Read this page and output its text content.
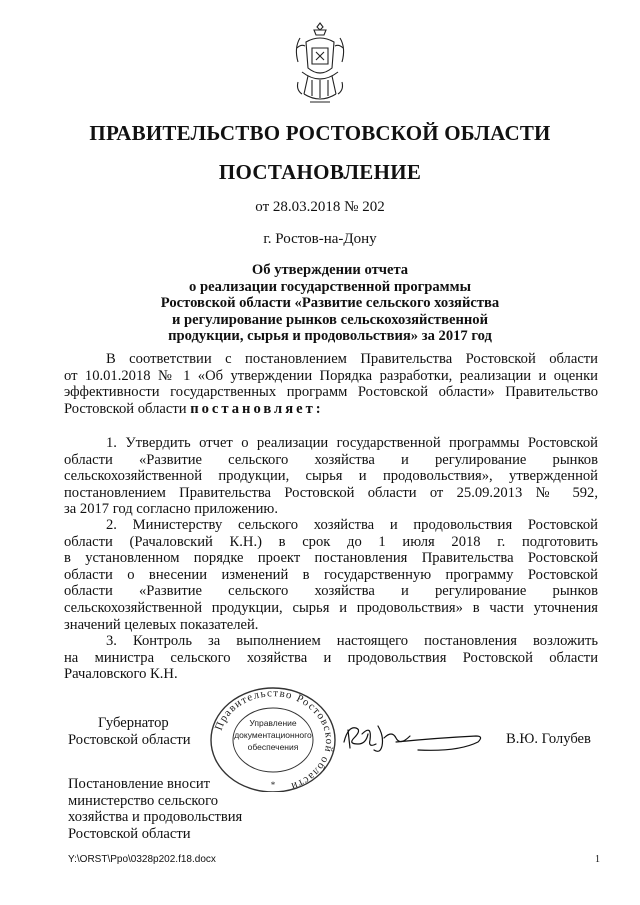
ПРАВИТЕЛЬСТВО РОСТОВСКОЙ ОБЛАСТИ
ПОСТАНОВЛЕНИЕ
от 28.03.2018 № 202
г. Ростов-на-Дону
Об утверждении отчета
о реализации государственной программы
Ростовской области «Развитие сельского хозяйства
и регулирование рынков сельскохозяйственной
продукции, сырья и продовольствия» за 2017 год
В соответствии с постановлением Правительства Ростовской области
от 10.01.2018 № 1 «Об утверждении Порядка разработки, реализации и оценки
эффективности государственных программ Ростовской области» Правительство
Ростовской области постановляет:
1. Утвердить отчет о реализации государственной программы Ростовской
области «Развитие сельского хозяйства и регулирование рынков
сельскохозяйственной продукции, сырья и продовольствия», утвержденной
постановлением Правительства Ростовской области от 25.09.2013 № 592,
за 2017 год согласно приложению.
2. Министерству сельского хозяйства и продовольствия Ростовской
области (Рачаловский К.Н.) в срок до 1 июля 2018 г. подготовить
в установленном порядке проект постановления Правительства Ростовской
области о внесении изменений в государственную программу Ростовской
области «Развитие сельского хозяйства и регулирование рынков
сельскохозяйственной продукции, сырья и продовольствия» в части уточнения
значений целевых показателей.
3. Контроль за выполнением настоящего постановления возложить
на министра сельского хозяйства и продовольствия Ростовской области
Рачаловского К.Н.
Губернатор
Ростовской области
Правительство Ростовской области
Управление
документационного
обеспечения
*
В.Ю. Голубев
Постановление вносит
министерство сельского
хозяйства и продовольствия
Ростовской области
Y:\ORST\Ppo\0328p202.f18.docx	1
